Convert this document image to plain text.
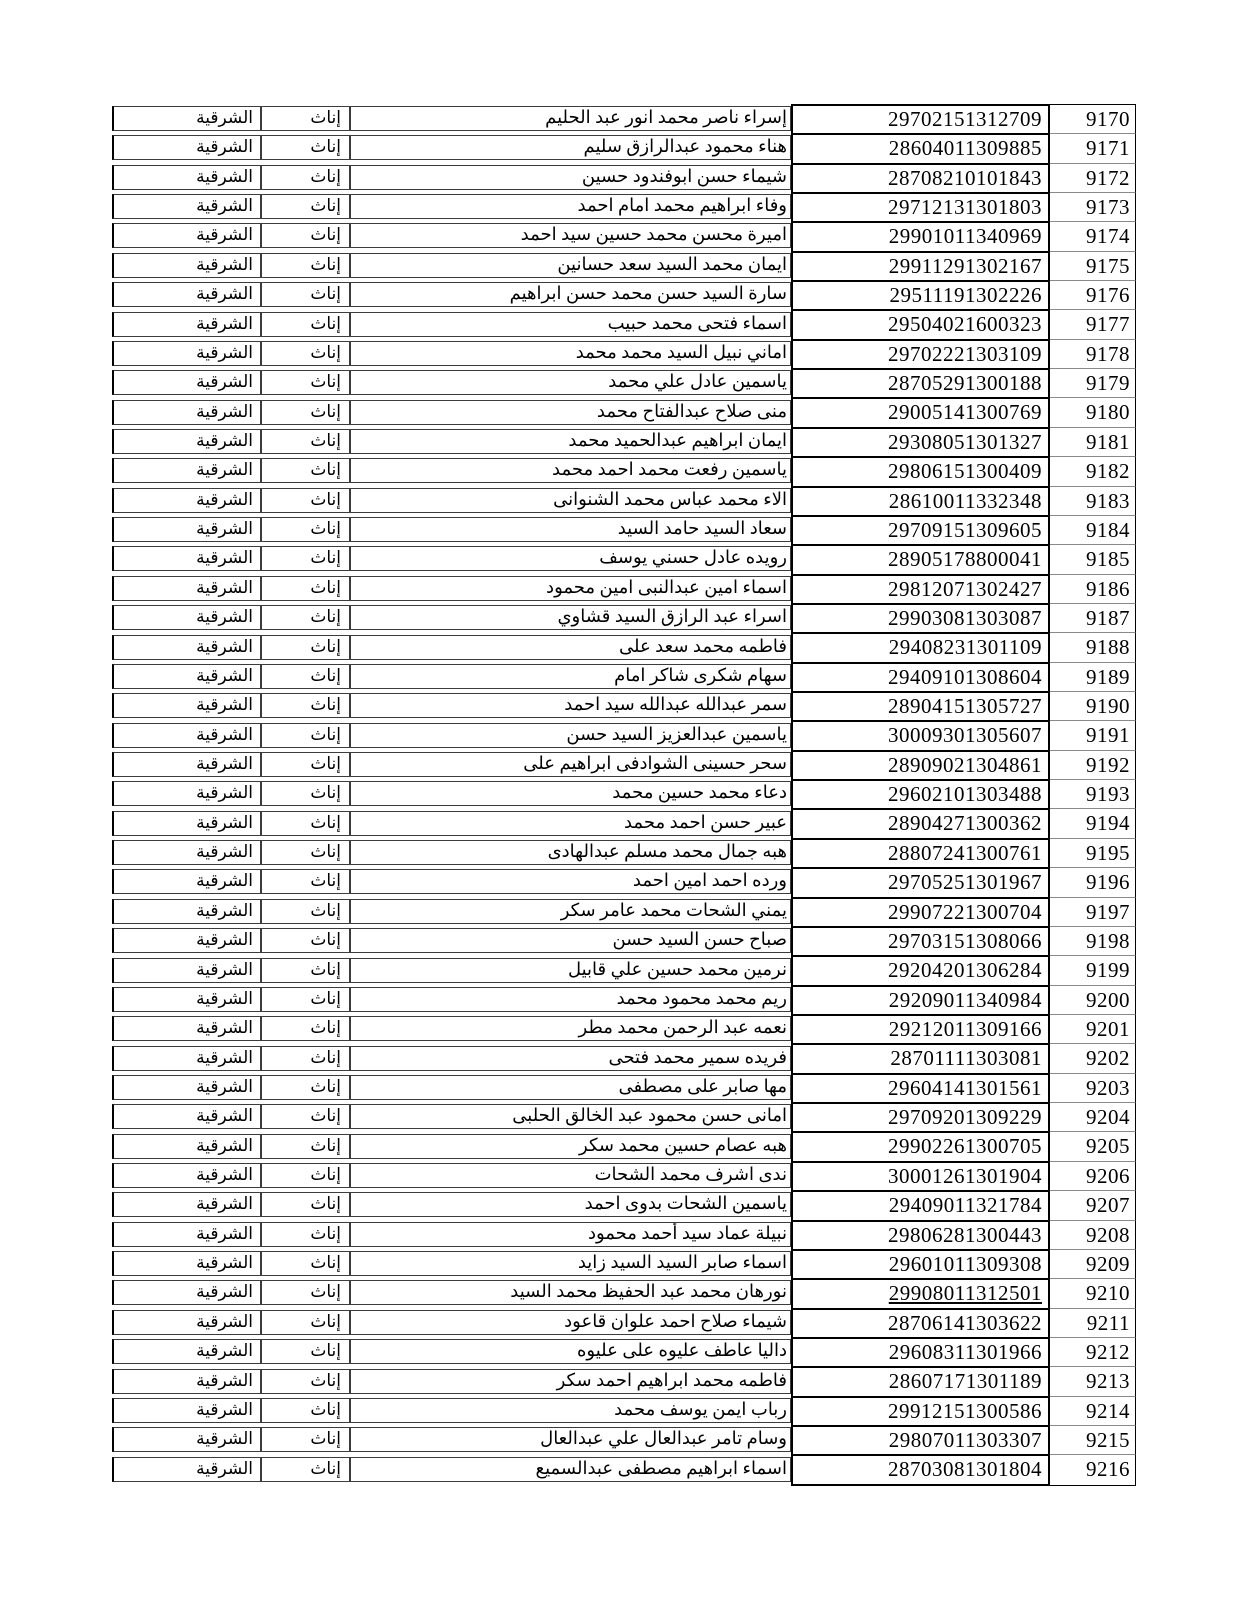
الشرقية	إناث	إسراء ناصر محمد انور عبد الحليم	29702151312709	9170
الشرقية	إناث	هناء محمود عبدالرازق سليم	28604011309885	9171
الشرقية	إناث	شيماء حسن ابوفندود حسين	28708210101843	9172
الشرقية	إناث	وفاء ابراهيم محمد امام احمد	29712131301803	9173
الشرقية	إناث	اميرة محسن محمد حسين سيد احمد	29901011340969	9174
الشرقية	إناث	ايمان محمد السيد سعد حسانين	29911291302167	9175
الشرقية	إناث	سارة السيد حسن محمد حسن ابراهيم	29511191302226	9176
الشرقية	إناث	اسماء فتحى محمد حبيب	29504021600323	9177
الشرقية	إناث	اماني نبيل السيد محمد محمد	29702221303109	9178
الشرقية	إناث	ياسمين عادل علي محمد	28705291300188	9179
الشرقية	إناث	منى صلاح عبدالفتاح محمد	29005141300769	9180
الشرقية	إناث	ايمان ابراهيم عبدالحميد محمد	29308051301327	9181
الشرقية	إناث	ياسمين رفعت محمد احمد محمد	29806151300409	9182
الشرقية	إناث	الاء محمد عباس محمد الشنوانى	28610011332348	9183
الشرقية	إناث	سعاد السيد حامد السيد	29709151309605	9184
الشرقية	إناث	رويده عادل حسني يوسف	28905178800041	9185
الشرقية	إناث	اسماء امين عبدالنبى امين محمود	29812071302427	9186
الشرقية	إناث	اسراء عبد الرازق السيد قشاوي	29903081303087	9187
الشرقية	إناث	فاطمه محمد سعد على	29408231301109	9188
الشرقية	إناث	سهام شكرى شاكر امام	29409101308604	9189
الشرقية	إناث	سمر عبدالله عبدالله سيد احمد	28904151305727	9190
الشرقية	إناث	ياسمين عبدالعزيز السيد حسن	30009301305607	9191
الشرقية	إناث	سحر حسينى الشوادفى ابراهيم على	28909021304861	9192
الشرقية	إناث	دعاء محمد حسين محمد	29602101303488	9193
الشرقية	إناث	عبير حسن احمد محمد	28904271300362	9194
الشرقية	إناث	هبه جمال محمد مسلم عبدالهادى	28807241300761	9195
الشرقية	إناث	ورده احمد امين احمد	29705251301967	9196
الشرقية	إناث	يمني الشحات محمد عامر سكر	29907221300704	9197
الشرقية	إناث	صباح حسن السيد حسن	29703151308066	9198
الشرقية	إناث	نرمين محمد حسين علي قابيل	29204201306284	9199
الشرقية	إناث	ريم محمد محمود محمد	29209011340984	9200
الشرقية	إناث	نعمه عبد الرحمن محمد مطر	29212011309166	9201
الشرقية	إناث	فريده سمير محمد فتحى	28701111303081	9202
الشرقية	إناث	مها صابر على مصطفى	29604141301561	9203
الشرقية	إناث	امانى حسن محمود عبد الخالق الحلبى	29709201309229	9204
الشرقية	إناث	هبه عصام حسين محمد سكر	29902261300705	9205
الشرقية	إناث	ندى اشرف محمد الشحات	30001261301904	9206
الشرقية	إناث	ياسمين الشحات بدوى احمد	29409011321784	9207
الشرقية	إناث	نبيلة عماد سيد أحمد محمود	29806281300443	9208
الشرقية	إناث	اسماء صابر السيد السيد زايد	29601011309308	9209
الشرقية	إناث	نورهان محمد عبد الحفيظ محمد السيد	29908011312501	9210
الشرقية	إناث	شيماء صلاح احمد علوان قاعود	28706141303622	9211
الشرقية	إناث	داليا عاطف عليوه على عليوه	29608311301966	9212
الشرقية	إناث	فاطمه محمد ابراهيم احمد سكر	28607171301189	9213
الشرقية	إناث	رباب ايمن يوسف محمد	29912151300586	9214
الشرقية	إناث	وسام تامر عبدالعال علي عبدالعال	29807011303307	9215
الشرقية	إناث	اسماء ابراهيم مصطفى عبدالسميع	28703081301804	9216
